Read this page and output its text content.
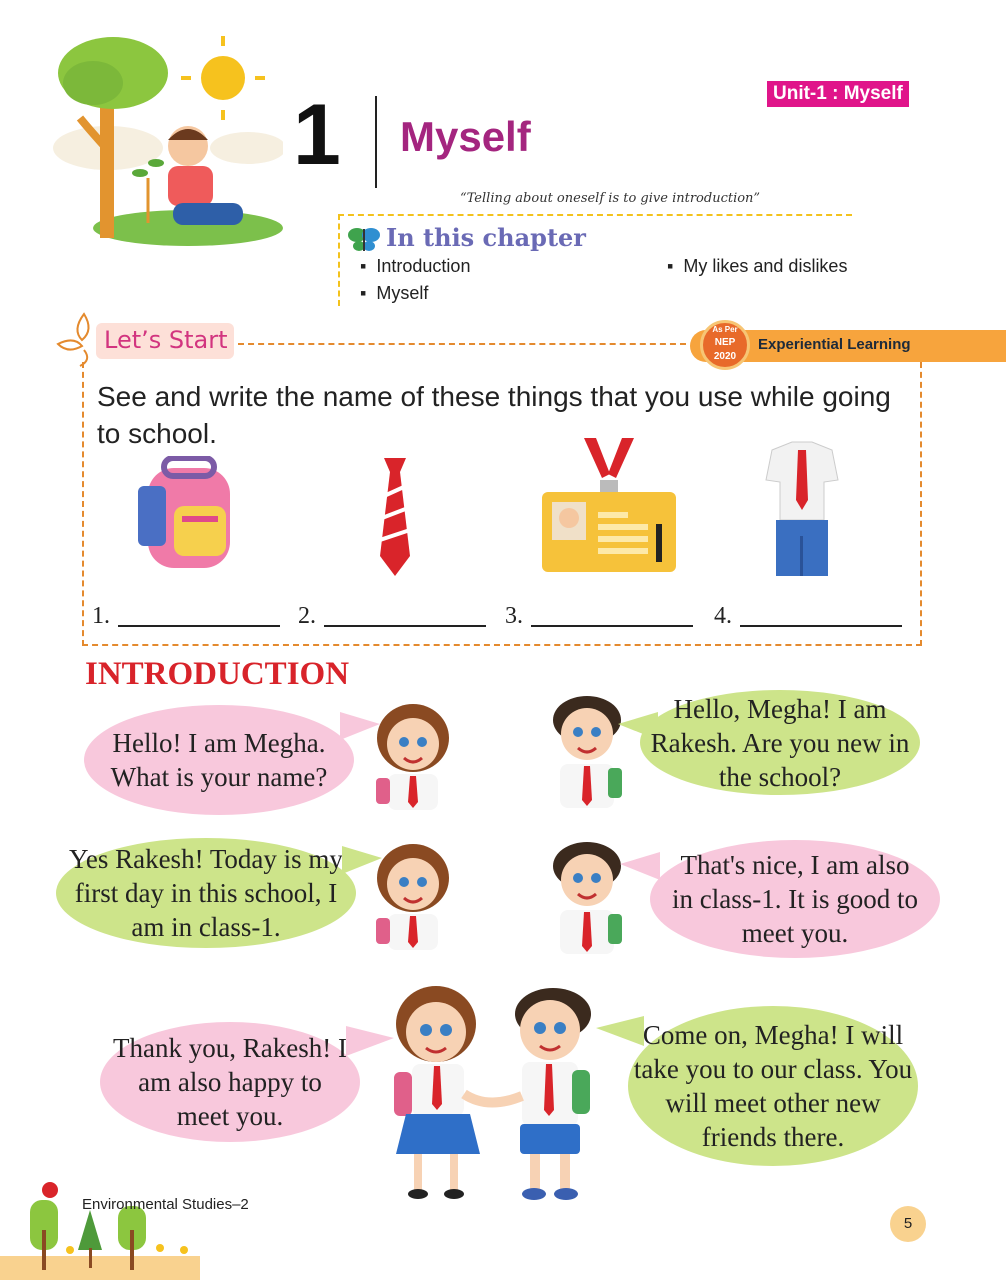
Unit-1 : Myself
1 Myself
“Telling about oneself is to give introduction”
In this chapter
▪ Introduction
▪ Myself
▪ My likes and dislikes
Let’s Start	Experiential Learning
As Per
NEP
2020
See and write the name of these things that you use while going to school.
1.	2.	3.	4.
INTRODUCTION
Hello! I am Megha. What is your name?
Hello, Megha! I am Rakesh. Are you new in the school?
Yes Rakesh! Today is my first day in this school, I am in class-1.
That's nice, I am also in class-1. It is good to meet you.
Thank you, Rakesh! I am also happy to meet you.
Come on, Megha! I will take you to our class. You will meet other new friends there.
Environmental Studies–2
5
